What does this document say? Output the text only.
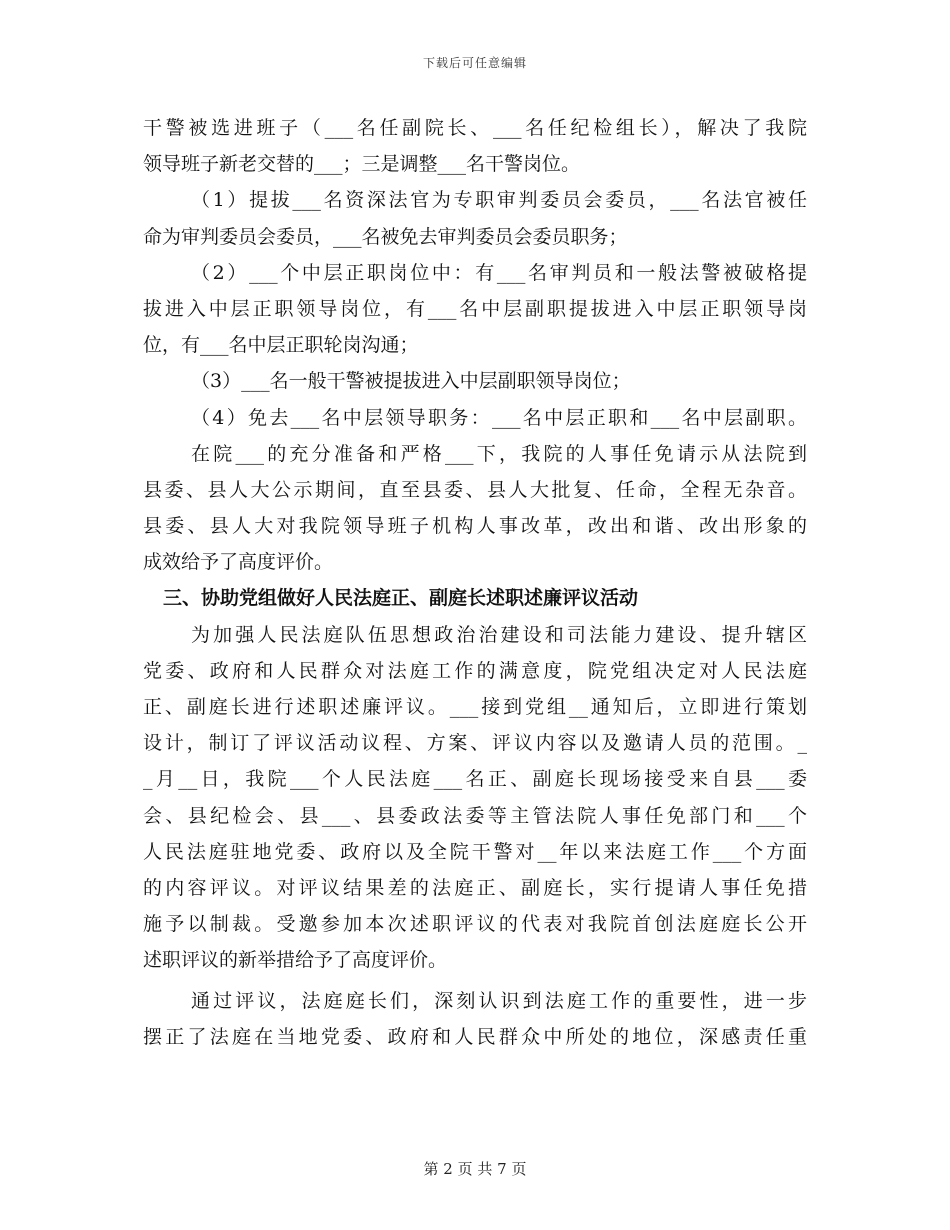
下载后可任意编辑
干警被选进班子（___名任副院长、___名任纪检组长），解决了我院
领导班子新老交替的___；三是调整___名干警岗位。
（1）提拔___名资深法官为专职审判委员会委员，___名法官被任
命为审判委员会委员，___名被免去审判委员会委员职务；
（2）___个中层正职岗位中：有___名审判员和一般法警被破格提
拔进入中层正职领导岗位，有___名中层副职提拔进入中层正职领导岗
位，有___名中层正职轮岗沟通；
（3）___名一般干警被提拔进入中层副职领导岗位；
（4）免去___名中层领导职务：___名中层正职和___名中层副职。
在院___的充分准备和严格___下，我院的人事任免请示从法院到
县委、县人大公示期间，直至县委、县人大批复、任命，全程无杂音。
县委、县人大对我院领导班子机构人事改革，改出和谐、改出形象的
成效给予了高度评价。
三、协助党组做好人民法庭正、副庭长述职述廉评议活动
为加强人民法庭队伍思想政治治建设和司法能力建设、提升辖区
党委、政府和人民群众对法庭工作的满意度，院党组决定对人民法庭
正、副庭长进行述职述廉评议。___接到党组__通知后，立即进行策划
设计，制订了评议活动议程、方案、评议内容以及邀请人员的范围。_
_月__日，我院___个人民法庭___名正、副庭长现场接受来自县___委
会、县纪检会、县___、县委政法委等主管法院人事任免部门和___个
人民法庭驻地党委、政府以及全院干警对__年以来法庭工作___个方面
的内容评议。对评议结果差的法庭正、副庭长，实行提请人事任免措
施予以制裁。受邀参加本次述职评议的代表对我院首创法庭庭长公开
述职评议的新举措给予了高度评价。
通过评议，法庭庭长们，深刻认识到法庭工作的重要性，进一步
摆正了法庭在当地党委、政府和人民群众中所处的地位，深感责任重
第 2 页 共 7 页
